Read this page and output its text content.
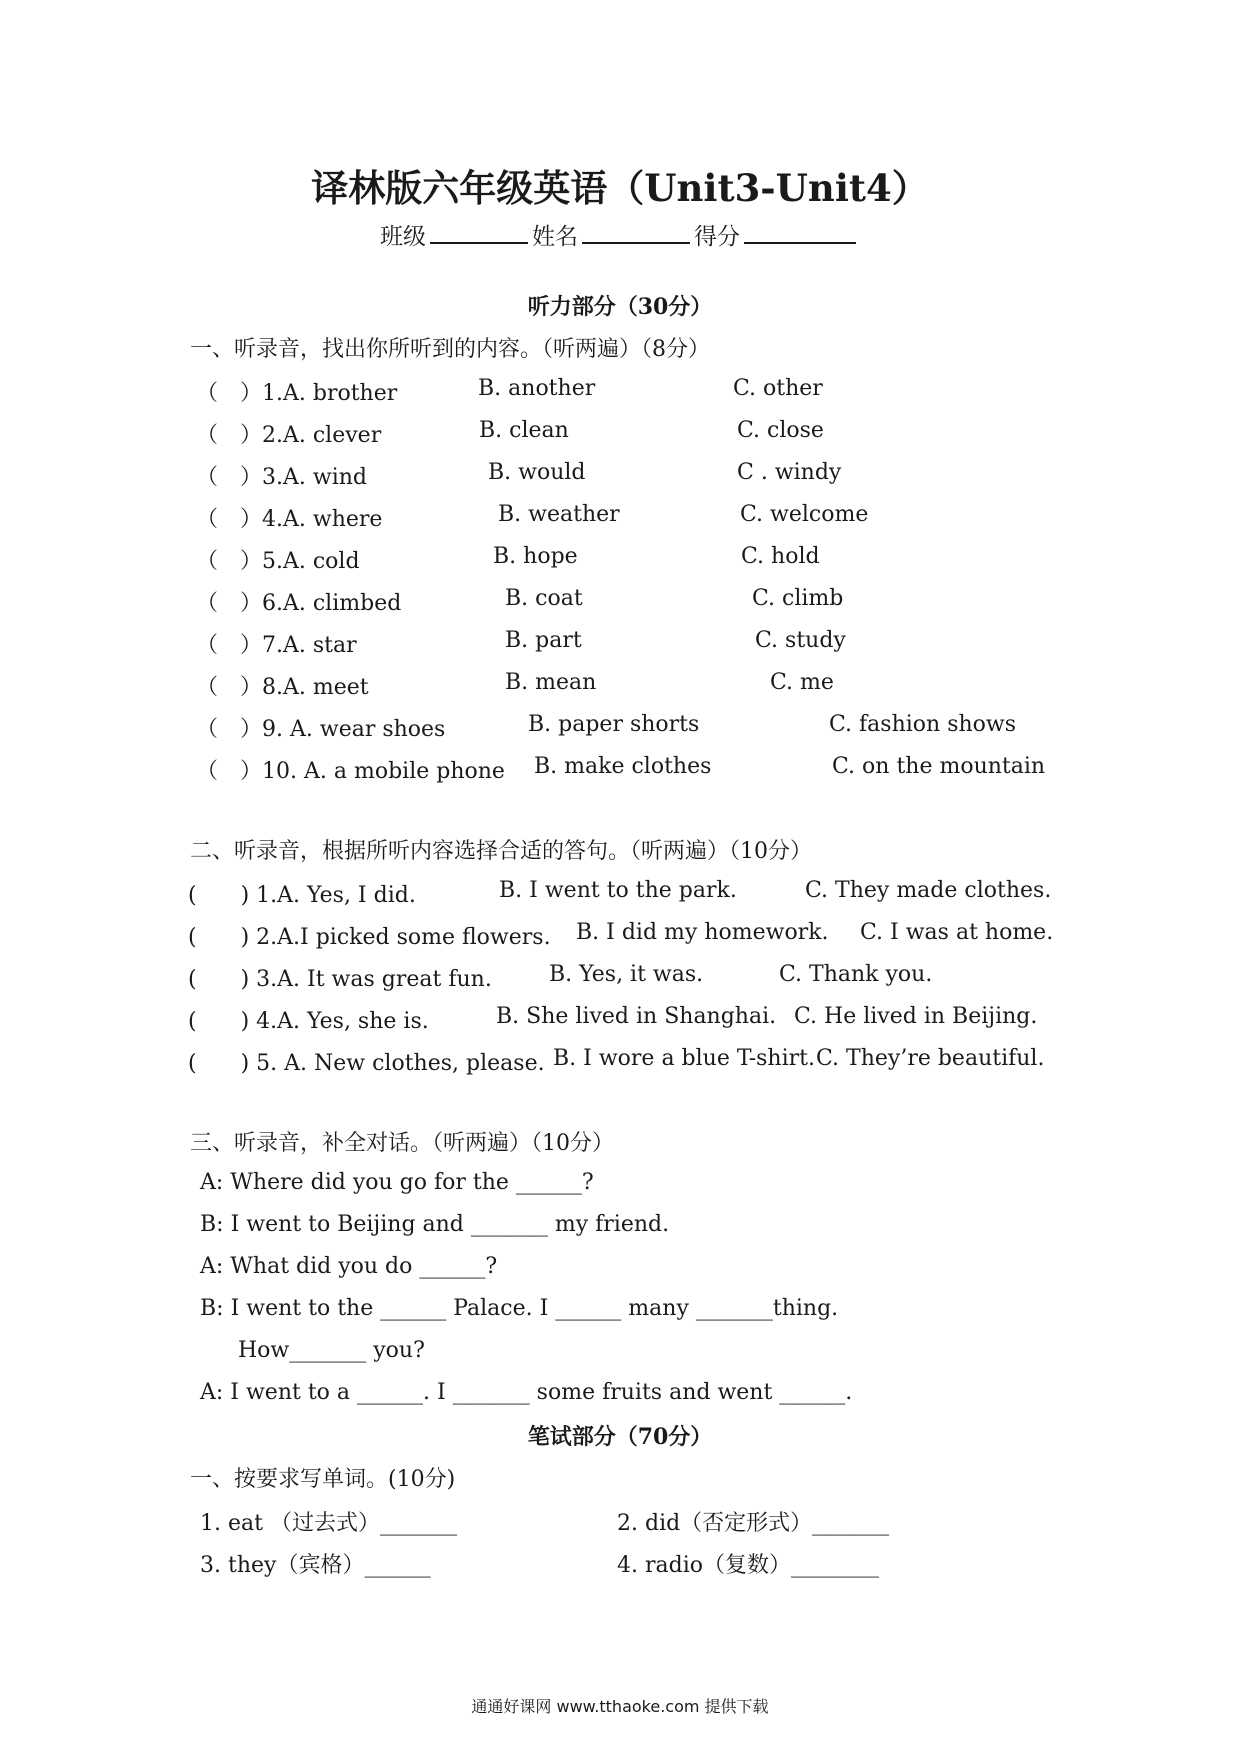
译林版六年级英语（Unit3-Unit4）
班级	姓名	得分
听力部分（30分）
一、听录音，找出你所听到的内容。（听两遍）（8分）
（　）1.A. brother	B. another	C. other
（　）2.A. clever	B. clean	C. close
（　）3.A. wind	B. would	C . windy
（　）4.A. where	B. weather	C. welcome
（　）5.A. cold	B. hope	C. hold
（　）6.A. climbed	B. coat	C. climb
（　）7.A. star	B. part	C. study
（　）8.A. meet	B. mean	C. me
（　）9. A. wear shoes	B. paper shorts	C. fashion shows
（　）10. A. a mobile phone B. make clothes	C. on the mountain
二、听录音，根据所听内容选择合适的答句。（听两遍）（10分）
(　　) 1.A. Yes, I did.	B. I went to the park.	C. They made clothes.
(　　) 2.A.I picked some flowers. B. I did my homework. C. I was at home.
(　　) 3.A. It was great fun.	B. Yes, it was.	C. Thank you.
(　　) 4.A. Yes, she is.	B. She lived in Shanghai. C. He lived in Beijing.
(　　) 5. A. New clothes, please. B. I wore a blue T-shirt. C. They’re beautiful.
三、听录音，补全对话。（听两遍）（10分）
A: Where did you go for the ______?
B: I went to Beijing and _______ my friend.
A: What did you do ______?
B: I went to the ______ Palace. I ______ many _______thing.
How_______ you?
A: I went to a ______. I _______ some fruits and went ______.
笔试部分（70分）
一、按要求写单词。(10分)
1. eat （过去式）_______	2. did（否定形式）_______
3. they（宾格）______	4. radio（复数）________
通通好课网 www.tthaoke.com 提供下载
